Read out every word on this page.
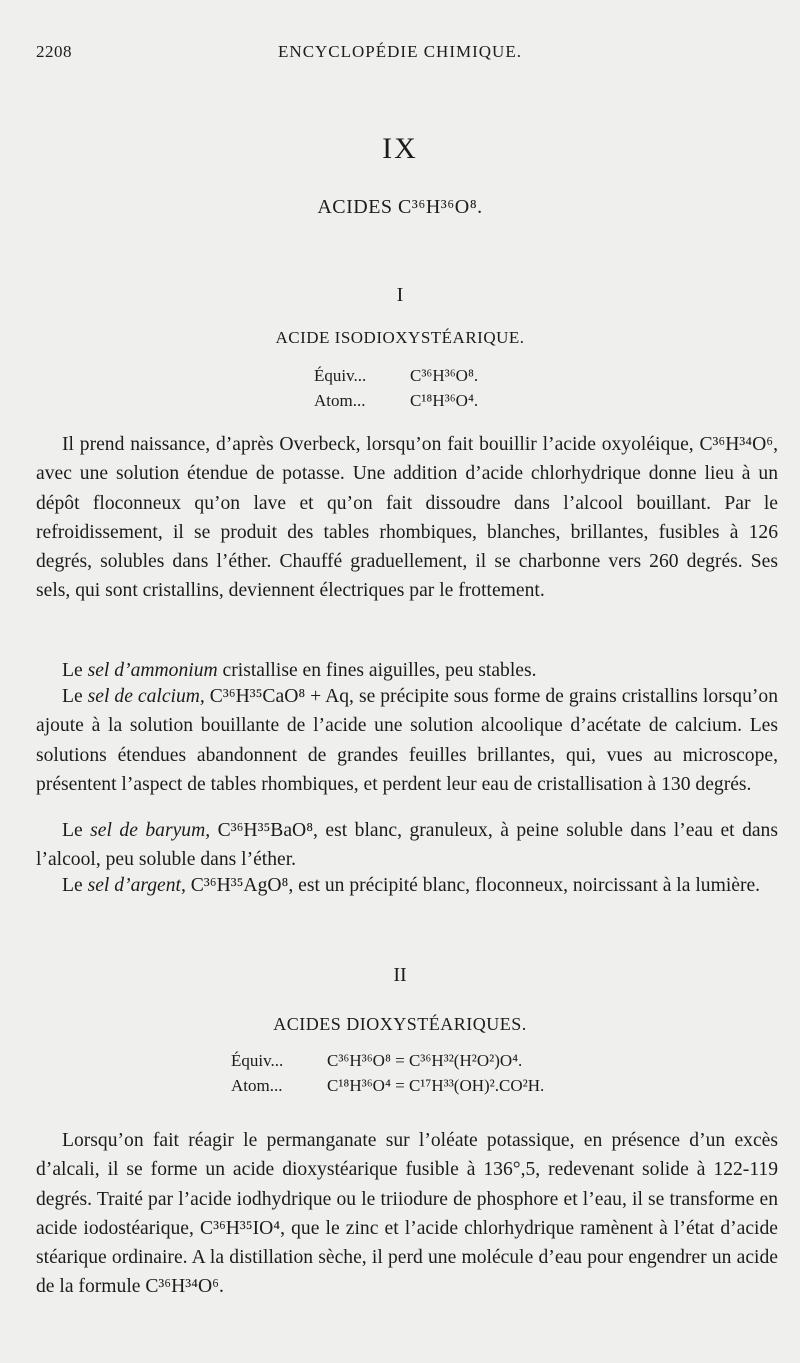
2208	ENCYCLOPÉDIE CHIMIQUE.
IX
ACIDES C³⁶H³⁶O⁸.
I
ACIDE ISODIOXYSTÉARIQUE.
Équiv...	C³⁶H³⁶O⁸.
Atom...	C¹⁸H³⁶O⁴.

Il prend naissance, d’après Overbeck, lorsqu’on fait bouillir l’acide oxyoléique, C³⁶H³⁴O⁶, avec une solution étendue de potasse. Une addition d’acide chlorhydrique donne lieu à un dépôt floconneux qu’on lave et qu’on fait dissoudre dans l’alcool bouillant. Par le refroidissement, il se produit des tables rhombiques, blanches, brillantes, fusibles à 126 degrés, solubles dans l’éther. Chauffé graduellement, il se charbonne vers 260 degrés. Ses sels, qui sont cristallins, deviennent électriques par le frottement.

Le sel d’ammonium cristallise en fines aiguilles, peu stables.

Le sel de calcium, C³⁶H³⁵CaO⁸ + Aq, se précipite sous forme de grains cristallins lorsqu’on ajoute à la solution bouillante de l’acide une solution alcoolique d’acétate de calcium. Les solutions étendues abandonnent de grandes feuilles brillantes, qui, vues au microscope, présentent l’aspect de tables rhombiques, et perdent leur eau de cristallisation à 130 degrés.

Le sel de baryum, C³⁶H³⁵BaO⁸, est blanc, granuleux, à peine soluble dans l’eau et dans l’alcool, peu soluble dans l’éther.

Le sel d’argent, C³⁶H³⁵AgO⁸, est un précipité blanc, floconneux, noircissant à la lumière.

II
ACIDES DIOXYSTÉARIQUES.
Équiv...	C³⁶H³⁶O⁸ = C³⁶H³²(H²O²)O⁴.
Atom...	C¹⁸H³⁶O⁴ = C¹⁷H³³(OH)².CO²H.

Lorsqu’on fait réagir le permanganate sur l’oléate potassique, en présence d’un excès d’alcali, il se forme un acide dioxystéarique fusible à 136°,5, redevenant solide à 122-119 degrés. Traité par l’acide iodhydrique ou le triiodure de phosphore et l’eau, il se transforme en acide iodostéarique, C³⁶H³⁵IO⁴, que le zinc et l’acide chlorhydrique ramènent à l’état d’acide stéarique ordinaire. A la distillation sèche, il perd une molécule d’eau pour engendrer un acide de la formule C³⁶H³⁴O⁶.
